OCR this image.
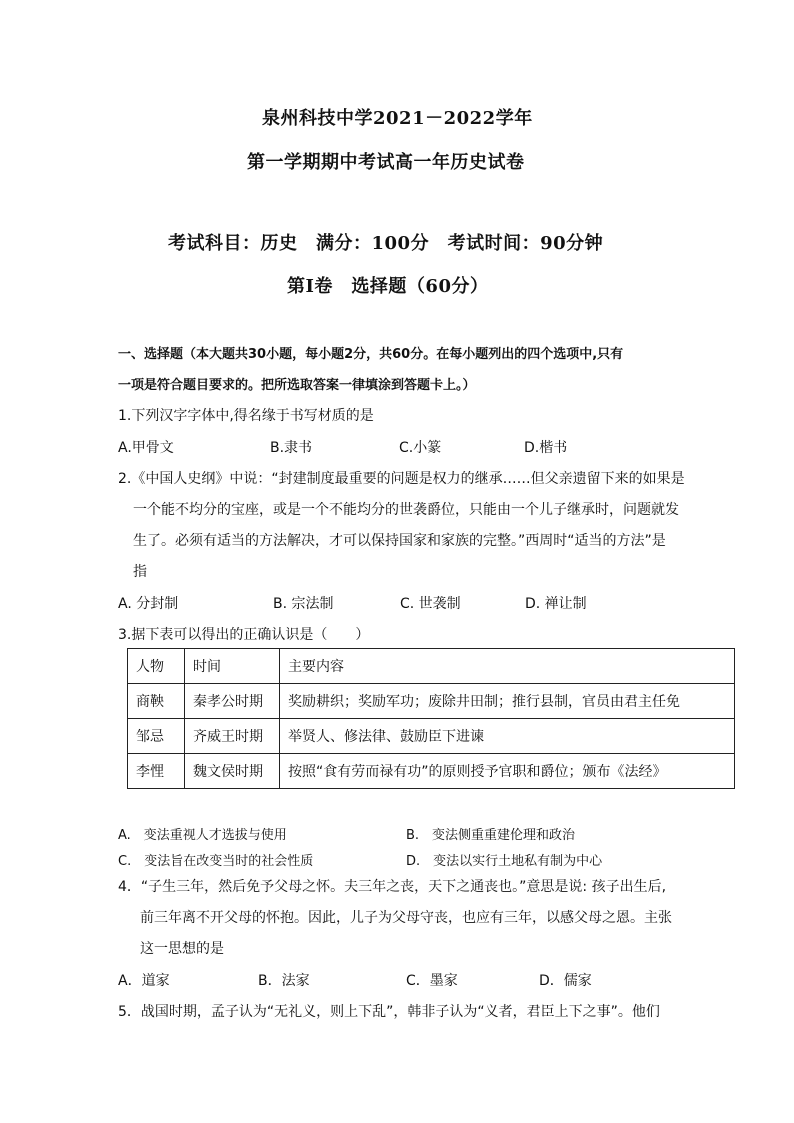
泉州科技中学2021－2022学年
第一学期期中考试高一年历史试卷
考试科目：历史　满分：100分　考试时间：90分钟
第Ⅰ卷　选择题（60分）
一、选择题（本大题共30小题，每小题2分，共60分。在每小题列出的四个选项中,只有
一项是符合题目要求的。把所选取答案一律填涂到答题卡上。）
1.下列汉字字体中,得名缘于书写材质的是
A.甲骨文	B.隶书	C.小篆	D.楷书
2.《中国人史纲》中说：“封建制度最重要的问题是权力的继承……但父亲遗留下来的如果是
一个能不均分的宝座，或是一个不能均分的世袭爵位，只能由一个儿子继承时，问题就发
生了。必须有适当的方法解决，才可以保持国家和家族的完整。”西周时“适当的方法”是
指
A. 分封制	B. 宗法制	C. 世袭制	D. 禅让制
3.据下表可以得出的正确认识是（　　）
人物	时间	主要内容
商鞅	秦孝公时期	奖励耕织；奖励军功；废除井田制；推行县制，官员由君主任免
邹忌	齐威王时期	举贤人、修法律、鼓励臣下进谏
李悝	魏文侯时期	按照“食有劳而禄有功”的原则授予官职和爵位；颁布《法经》
A.　变法重视人才选拔与使用	B.　变法侧重重建伦理和政治
C.　变法旨在改变当时的社会性质	D.　变法以实行土地私有制为中心
4．“子生三年，然后免予父母之怀。夫三年之丧，天下之通丧也。”意思是说: 孩子出生后,
前三年离不开父母的怀抱。因此，儿子为父母守丧，也应有三年，以感父母之恩。主张
这一思想的是
A．道家	B．法家	C．墨家	D．儒家
5．战国时期，孟子认为“无礼义，则上下乱”，韩非子认为“义者，君臣上下之事”。他们
